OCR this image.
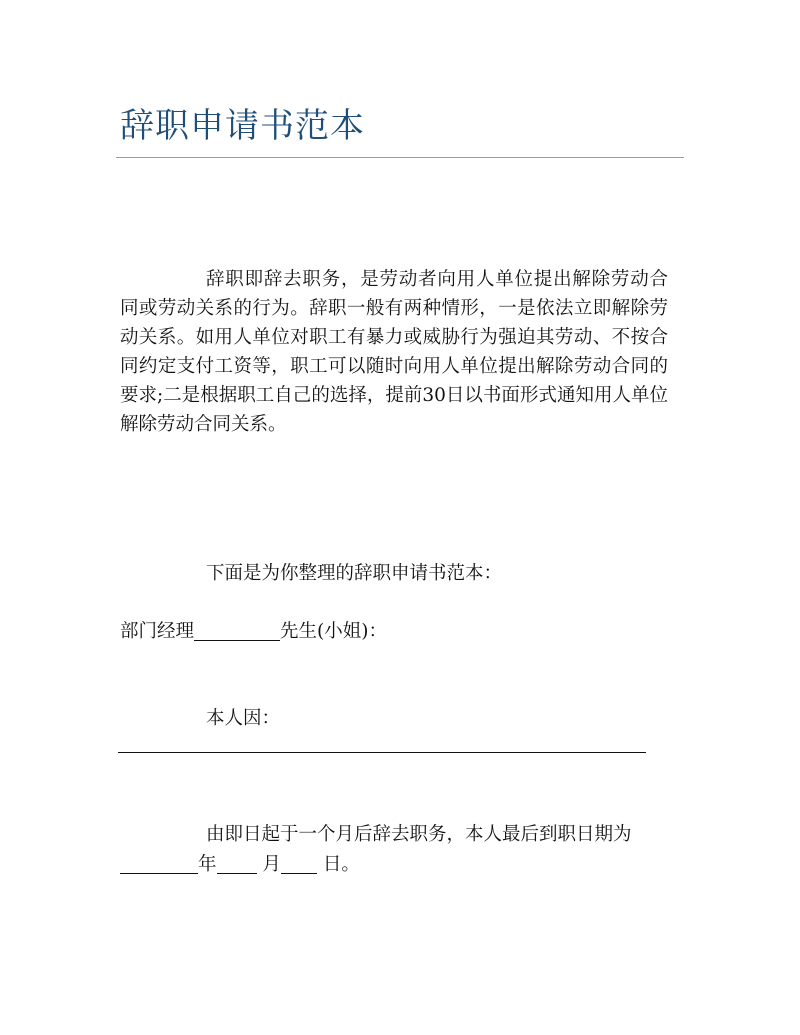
辞职申请书范本
辞职即辞去职务，是劳动者向用人单位提出解除劳动合同或劳动关系的行为。辞职一般有两种情形，一是依法立即解除劳动关系。如用人单位对职工有暴力或威胁行为强迫其劳动、不按合同约定支付工资等，职工可以随时向用人单位提出解除劳动合同的要求;二是根据职工自己的选择，提前30日以书面形式通知用人单位解除劳动合同关系。
下面是为你整理的辞职申请书范本：
部门经理	先生(小姐)：
本人因：
由即日起于一个月后辞去职务，本人最后到职日期为
年 月 日。
